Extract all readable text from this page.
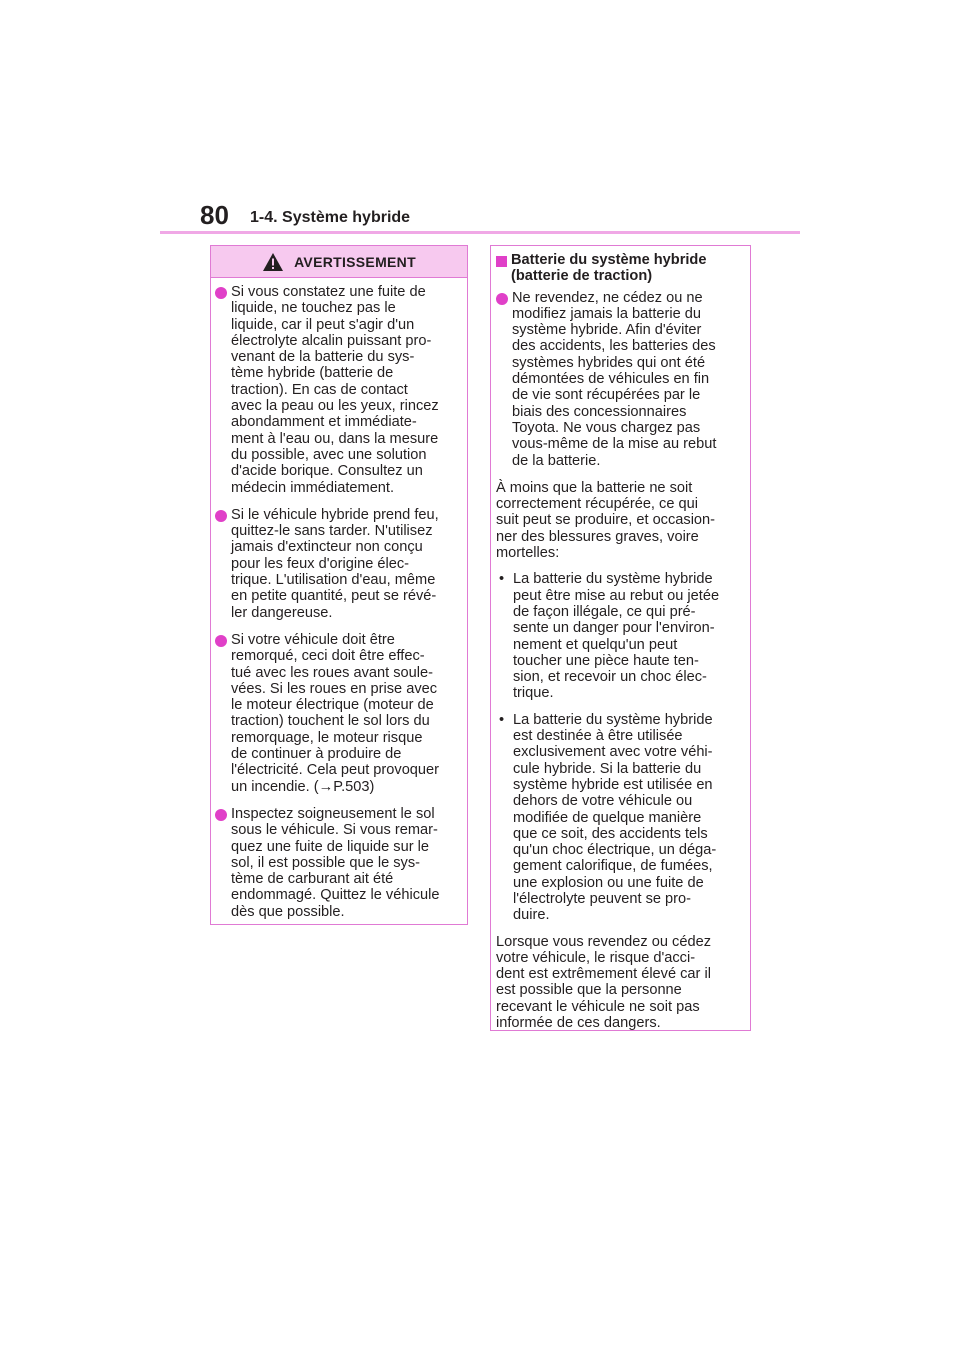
80 1-4. Système hybride
AVERTISSEMENT

Si vous constatez une fuite de
liquide, ne touchez pas le
liquide, car il peut s'agir d'un
électrolyte alcalin puissant pro-
venant de la batterie du sys-
tème hybride (batterie de
traction). En cas de contact
avec la peau ou les yeux, rincez
abondamment et immédiate-
ment à l'eau ou, dans la mesure
du possible, avec une solution
d'acide borique. Consultez un
médecin immédiatement.

Si le véhicule hybride prend feu,
quittez-le sans tarder. N'utilisez
jamais d'extincteur non conçu
pour les feux d'origine élec-
trique. L'utilisation d'eau, même
en petite quantité, peut se révé-
ler dangereuse.

Si votre véhicule doit être
remorqué, ceci doit être effec-
tué avec les roues avant soule-
vées. Si les roues en prise avec
le moteur électrique (moteur de
traction) touchent le sol lors du
remorquage, le moteur risque
de continuer à produire de
l'électricité. Cela peut provoquer
un incendie. (→P.503)

Inspectez soigneusement le sol
sous le véhicule. Si vous remar-
quez une fuite de liquide sur le
sol, il est possible que le sys-
tème de carburant ait été
endommagé. Quittez le véhicule
dès que possible.

Batterie du système hybride
(batterie de traction)

Ne revendez, ne cédez ou ne
modifiez jamais la batterie du
système hybride. Afin d'éviter
des accidents, les batteries des
systèmes hybrides qui ont été
démontées de véhicules en fin
de vie sont récupérées par le
biais des concessionnaires
Toyota. Ne vous chargez pas
vous-même de la mise au rebut
de la batterie.

À moins que la batterie ne soit
correctement récupérée, ce qui
suit peut se produire, et occasion-
ner des blessures graves, voire
mortelles:

• La batterie du système hybride
peut être mise au rebut ou jetée
de façon illégale, ce qui pré-
sente un danger pour l'environ-
nement et quelqu'un peut
toucher une pièce haute ten-
sion, et recevoir un choc élec-
trique.

• La batterie du système hybride
est destinée à être utilisée
exclusivement avec votre véhi-
cule hybride. Si la batterie du
système hybride est utilisée en
dehors de votre véhicule ou
modifiée de quelque manière
que ce soit, des accidents tels
qu'un choc électrique, un déga-
gement calorifique, de fumées,
une explosion ou une fuite de
l'électrolyte peuvent se pro-
duire.

Lorsque vous revendez ou cédez
votre véhicule, le risque d'acci-
dent est extrêmement élevé car il
est possible que la personne
recevant le véhicule ne soit pas
informée de ces dangers.
